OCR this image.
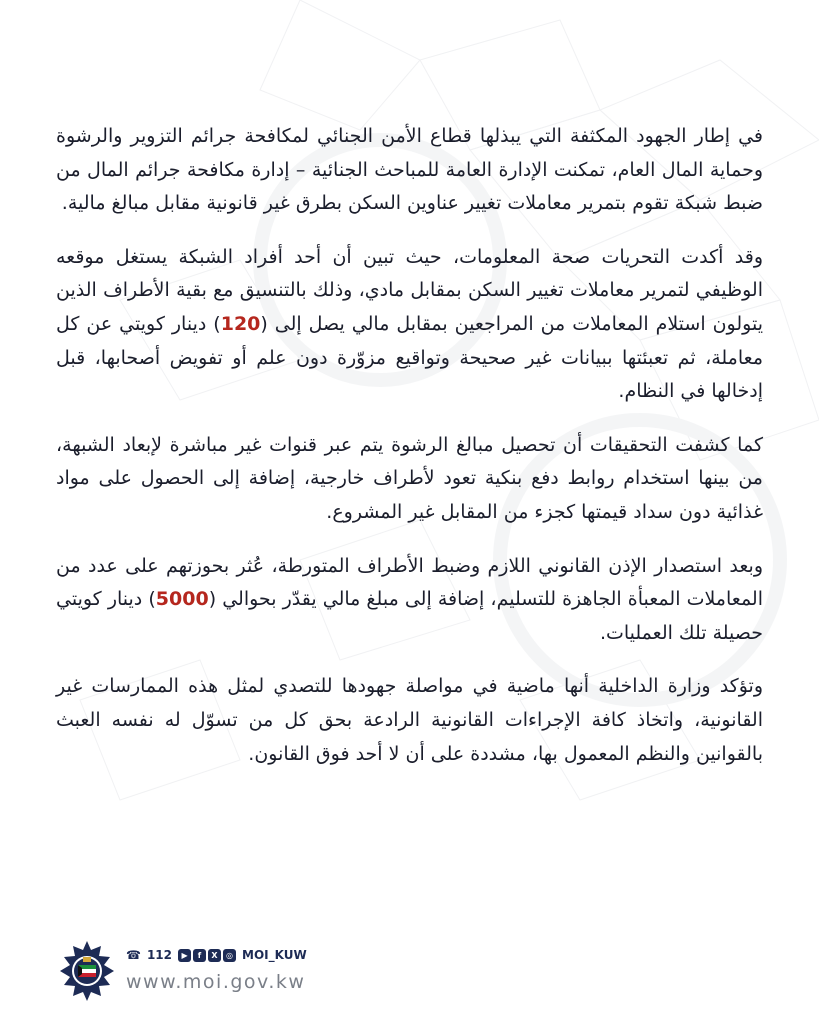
في إطار الجهود المكثفة التي يبذلها قطاع الأمن الجنائي لمكافحة جرائم التزوير والرشوة وحماية المال العام، تمكنت الإدارة العامة للمباحث الجنائية – إدارة مكافحة جرائم المال من ضبط شبكة تقوم بتمرير معاملات تغيير عناوين السكن بطرق غير قانونية مقابل مبالغ مالية.

وقد أكدت التحريات صحة المعلومات، حيث تبين أن أحد أفراد الشبكة يستغل موقعه الوظيفي لتمرير معاملات تغيير السكن بمقابل مادي، وذلك بالتنسيق مع بقية الأطراف الذين يتولون استلام المعاملات من المراجعين بمقابل مالي يصل إلى (120) دينار كويتي عن كل معاملة، ثم تعبئتها ببيانات غير صحيحة وتواقيع مزوّرة دون علم أو تفويض أصحابها، قبل إدخالها في النظام.

كما كشفت التحقيقات أن تحصيل مبالغ الرشوة يتم عبر قنوات غير مباشرة لإبعاد الشبهة، من بينها استخدام روابط دفع بنكية تعود لأطراف خارجية، إضافة إلى الحصول على مواد غذائية دون سداد قيمتها كجزء من المقابل غير المشروع.

وبعد استصدار الإذن القانوني اللازم وضبط الأطراف المتورطة، عُثر بحوزتهم على عدد من المعاملات المعبأة الجاهزة للتسليم، إضافة إلى مبلغ مالي يقدّر بحوالي (5000) دينار كويتي حصيلة تلك العمليات.

وتؤكد وزارة الداخلية أنها ماضية في مواصلة جهودها للتصدي لمثل هذه الممارسات غير القانونية، واتخاذ كافة الإجراءات القانونية الرادعة بحق كل من تسوّل له نفسه العبث بالقوانين والنظم المعمول بها، مشددة على أن لا أحد فوق القانون.

☎ 112	▶	f	X	◎ MOI_KUW
www.moi.gov.kw
